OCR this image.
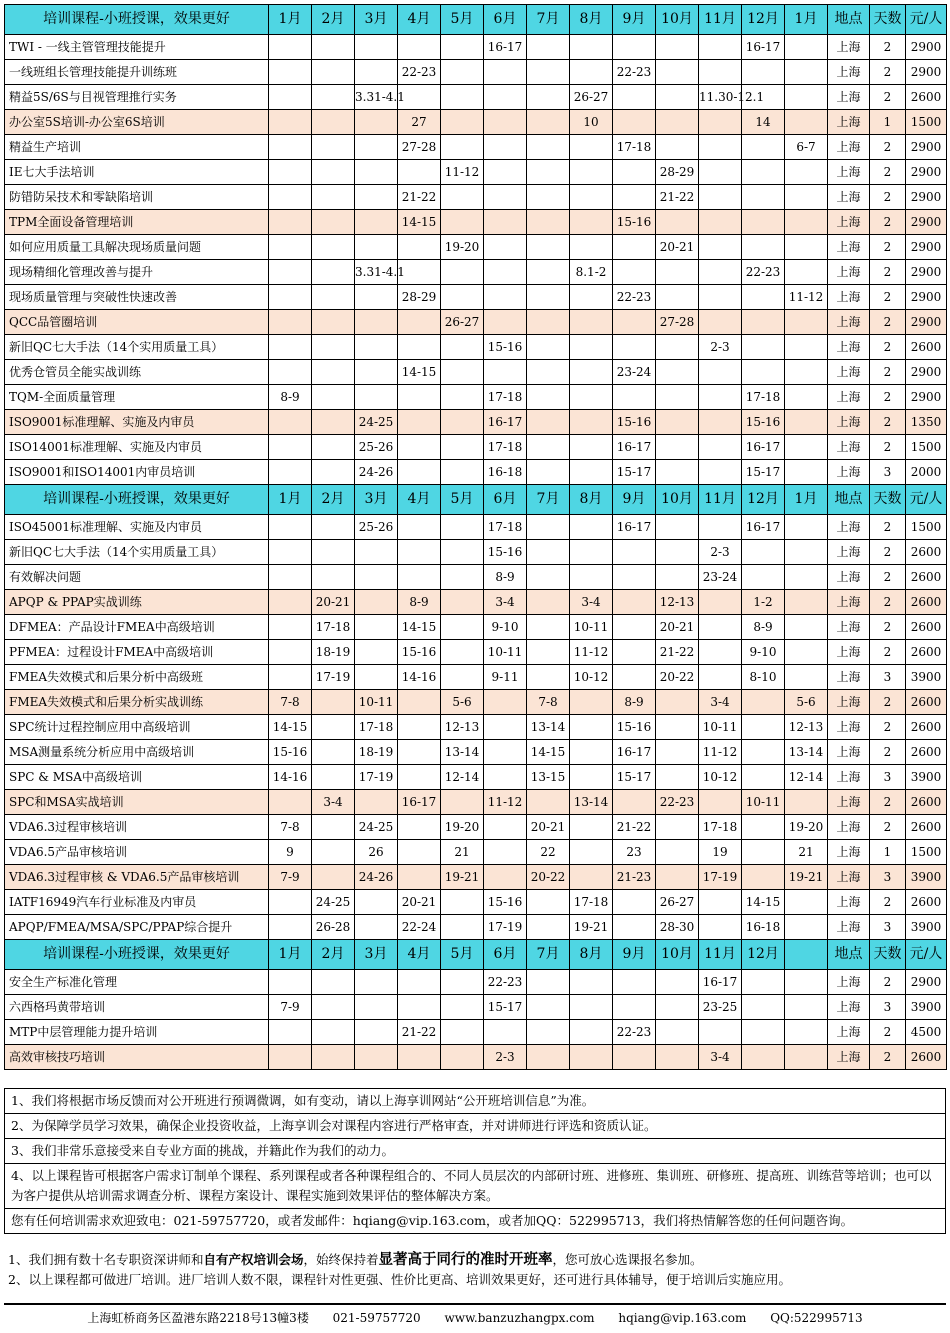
培训课程-小班授课，效果更好	1月	2月	3月	4月	5月	6月	7月	8月	9月	10月	11月	12月	1月	地点	天数	元/人
TWI - 一线主管管理技能提升						16-17						16-17		上海	2	2900
一线班组长管理技能提升训练班				22-23					22-23					上海	2	2900
精益5S/6S与目视管理推行实务			3.31-4.1					26-27			11.30-12.1			上海	2	2600
办公室5S培训-办公室6S培训				27				10				14		上海	1	1500
精益生产培训				27-28					17-18				6-7	上海	2	2900
IE七大手法培训					11-12					28-29				上海	2	2900
防错防呆技术和零缺陷培训				21-22						21-22				上海	2	2900
TPM全面设备管理培训				14-15					15-16					上海	2	2900
如何应用质量工具解决现场质量问题					19-20					20-21				上海	2	2900
现场精细化管理改善与提升			3.31-4.1					8.1-2				22-23		上海	2	2900
现场质量管理与突破性快速改善				28-29					22-23				11-12	上海	2	2900
QCC品管圈培训					26-27					27-28				上海	2	2900
新旧QC七大手法（14个实用质量工具）						15-16					2-3			上海	2	2600
优秀仓管员全能实战训练				14-15					23-24					上海	2	2900
TQM-全面质量管理	8-9					17-18						17-18		上海	2	2900
ISO9001标准理解、实施及内审员			24-25			16-17			15-16			15-16		上海	2	1350
ISO14001标准理解、实施及内审员			25-26			17-18			16-17			16-17		上海	2	1500
ISO9001和ISO14001内审员培训			24-26			16-18			15-17			15-17		上海	3	2000
培训课程-小班授课，效果更好	1月	2月	3月	4月	5月	6月	7月	8月	9月	10月	11月	12月	1月	地点	天数	元/人
ISO45001标准理解、实施及内审员			25-26			17-18			16-17			16-17		上海	2	1500
新旧QC七大手法（14个实用质量工具）						15-16					2-3			上海	2	2600
有效解决问题						8-9					23-24			上海	2	2600
APQP & PPAP实战训练		20-21		8-9		3-4		3-4		12-13		1-2		上海	2	2600
DFMEA：产品设计FMEA中高级培训		17-18		14-15		9-10		10-11		20-21		8-9		上海	2	2600
PFMEA：过程设计FMEA中高级培训		18-19		15-16		10-11		11-12		21-22		9-10		上海	2	2600
FMEA失效模式和后果分析中高级班		17-19		14-16		9-11		10-12		20-22		8-10		上海	3	3900
FMEA失效模式和后果分析实战训练	7-8		10-11		5-6		7-8		8-9		3-4		5-6	上海	2	2600
SPC统计过程控制应用中高级培训	14-15		17-18		12-13		13-14		15-16		10-11		12-13	上海	2	2600
MSA测量系统分析应用中高级培训	15-16		18-19		13-14		14-15		16-17		11-12		13-14	上海	2	2600
SPC & MSA中高级培训	14-16		17-19		12-14		13-15		15-17		10-12		12-14	上海	3	3900
SPC和MSA实战培训		3-4		16-17		11-12		13-14		22-23		10-11		上海	2	2600
VDA6.3过程审核培训	7-8		24-25		19-20		20-21		21-22		17-18		19-20	上海	2	2600
VDA6.5产品审核培训	9		26		21		22		23		19		21	上海	1	1500
VDA6.3过程审核 & VDA6.5产品审核培训	7-9		24-26		19-21		20-22		21-23		17-19		19-21	上海	3	3900
IATF16949汽车行业标准及内审员		24-25		20-21		15-16		17-18		26-27		14-15		上海	2	2600
APQP/FMEA/MSA/SPC/PPAP综合提升		26-28		22-24		17-19		19-21		28-30		16-18		上海	3	3900
培训课程-小班授课，效果更好	1月	2月	3月	4月	5月	6月	7月	8月	9月	10月	11月	12月		地点	天数	元/人
安全生产标准化管理						22-23					16-17			上海	2	2900
六西格玛黄带培训	7-9					15-17					23-25			上海	3	3900
MTP中层管理能力提升培训				21-22					22-23					上海	2	4500
高效审核技巧培训						2-3					3-4			上海	2	2600
1、我们将根据市场反馈而对公开班进行预调微调，如有变动，请以上海享训网站“公开班培训信息”为准。
2、为保障学员学习效果，确保企业投资收益，上海享训会对课程内容进行严格审查，并对讲师进行评选和资质认证。
3、我们非常乐意接受来自专业方面的挑战，并籍此作为我们的动力。
4、以上课程皆可根据客户需求订制单个课程、系列课程或者各种课程组合的、不同人员层次的内部研讨班、进修班、集训班、研修班、提高班、训练营等培训；也可以为客户提供从培训需求调查分析、课程方案设计、课程实施到效果评估的整体解决方案。
您有任何培训需求欢迎致电：021-59757720，或者发邮件：hqiang@vip.163.com，或者加QQ：522995713，我们将热情解答您的任何问题咨询。
1、我们拥有数十名专职资深讲师和自有产权培训会场，始终保持着显著高于同行的准时开班率，您可放心选课报名参加。
2、以上课程都可做进厂培训。进厂培训人数不限，课程针对性更强、性价比更高、培训效果更好，还可进行具体辅导，便于培训后实施应用。
上海虹桥商务区盈港东路2218号13幢3楼 021-59757720 www.banzuzhangpx.com hqiang@vip.163.com QQ:522995713
